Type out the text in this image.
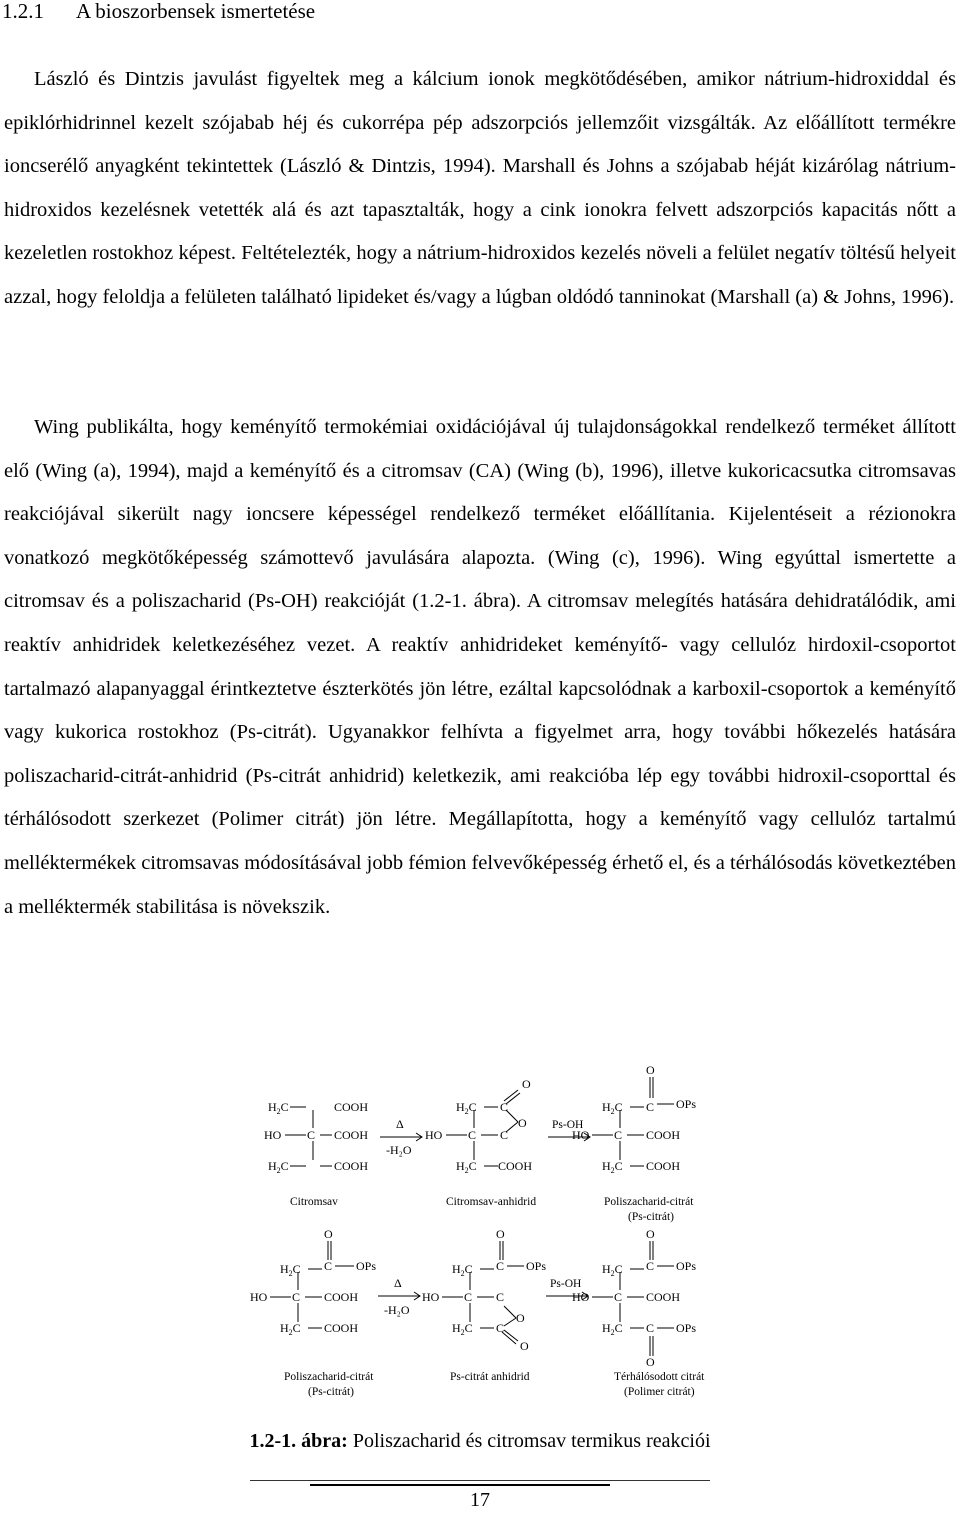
1.2.1 A bioszorbensek ismertetése

László és Dintzis javulást figyeltek meg a kálcium ionok megkötődésében, amikor nátrium-hidroxiddal és epiklórhidrinnel kezelt szójabab héj és cukorrépa pép adszorpciós jellemzőit vizsgálták. Az előállított termékre ioncserélő anyagként tekintettek (László & Dintzis, 1994). Marshall és Johns a szójabab héját kizárólag nátrium-hidroxidos kezelésnek vetették alá és azt tapasztalták, hogy a cink ionokra felvett adszorpciós kapacitás nőtt a kezeletlen rostokhoz képest. Feltételezték, hogy a nátrium-hidroxidos kezelés növeli a felület negatív töltésű helyeit azzal, hogy feloldja a felületen található lipideket és/vagy a lúgban oldódó tanninokat (Marshall (a) & Johns, 1996).

Wing publikálta, hogy keményítő termokémiai oxidációjával új tulajdonságokkal rendelkező terméket állított elő (Wing (a), 1994), majd a keményítő és a citromsav (CA) (Wing (b), 1996), illetve kukoricacsutka citromsavas reakciójával sikerült nagy ioncsere képességel rendelkező terméket előállítania. Kijelentéseit a rézionokra vonatkozó megkötőképesség számottevő javulására alapozta. (Wing (c), 1996). Wing egyúttal ismertette a citromsav és a poliszacharid (Ps-OH) reakcióját (1.2-1. ábra). A citromsav melegítés hatására dehidratálódik, ami reaktív anhidridek keletkezéséhez vezet. A reaktív anhidrideket keményítő- vagy cellulóz hirdoxil-csoportot tartalmazó alapanyaggal érintkeztetve észterkötés jön létre, ezáltal kapcsolódnak a karboxil-csoportok a keményítő vagy kukorica rostokhoz (Ps-citrát). Ugyanakkor felhívta a figyelmet arra, hogy további hőkezelés hatására poliszacharid-citrát-anhidrid (Ps-citrát anhidrid) keletkezik, ami reakcióba lép egy további hidroxil-csoporttal és térhálósodott szerkezet (Polimer citrát) jön létre. Megállapította, hogy a keményítő vagy cellulóz tartalmú melléktermékek citromsavas módosításával jobb fémion felvevőképesség érhető el, és a térhálósodás következtében a melléktermék stabilitása is növekszik.

$H_2C$
C
COOH
HO	COOH
$H_2C$	COOH
$H_2C$
C
HO
C
O
O
C
$H_2C$ COOH
$H_2C$
C
HO
C
O
OPs
COOH
$H_2C$ COOH
O
$H_2C$ C OPs
C
HO	COOH
$H_2C$ COOH
O
$H_2C$ C OPs
C
HO	C
O
$H_2C$ C
O
O
$H_2C$ C OPs
C
HO	COOH
$H_2C$ C OPs
O
Δ
-H₂O
Ps-OH
Citromsav	Citromsav-anhidrid	Poliszacharid-citrát
(Ps-citrát)
Δ
-H₂O
Ps-OH
Poliszacharid-citrát
(Ps-citrát)
Ps-citrát anhidrid	Térhálósodott citrát
(Polimer citrát)
1.2-1. ábra: Poliszacharid és citromsav termikus reakciói
17
